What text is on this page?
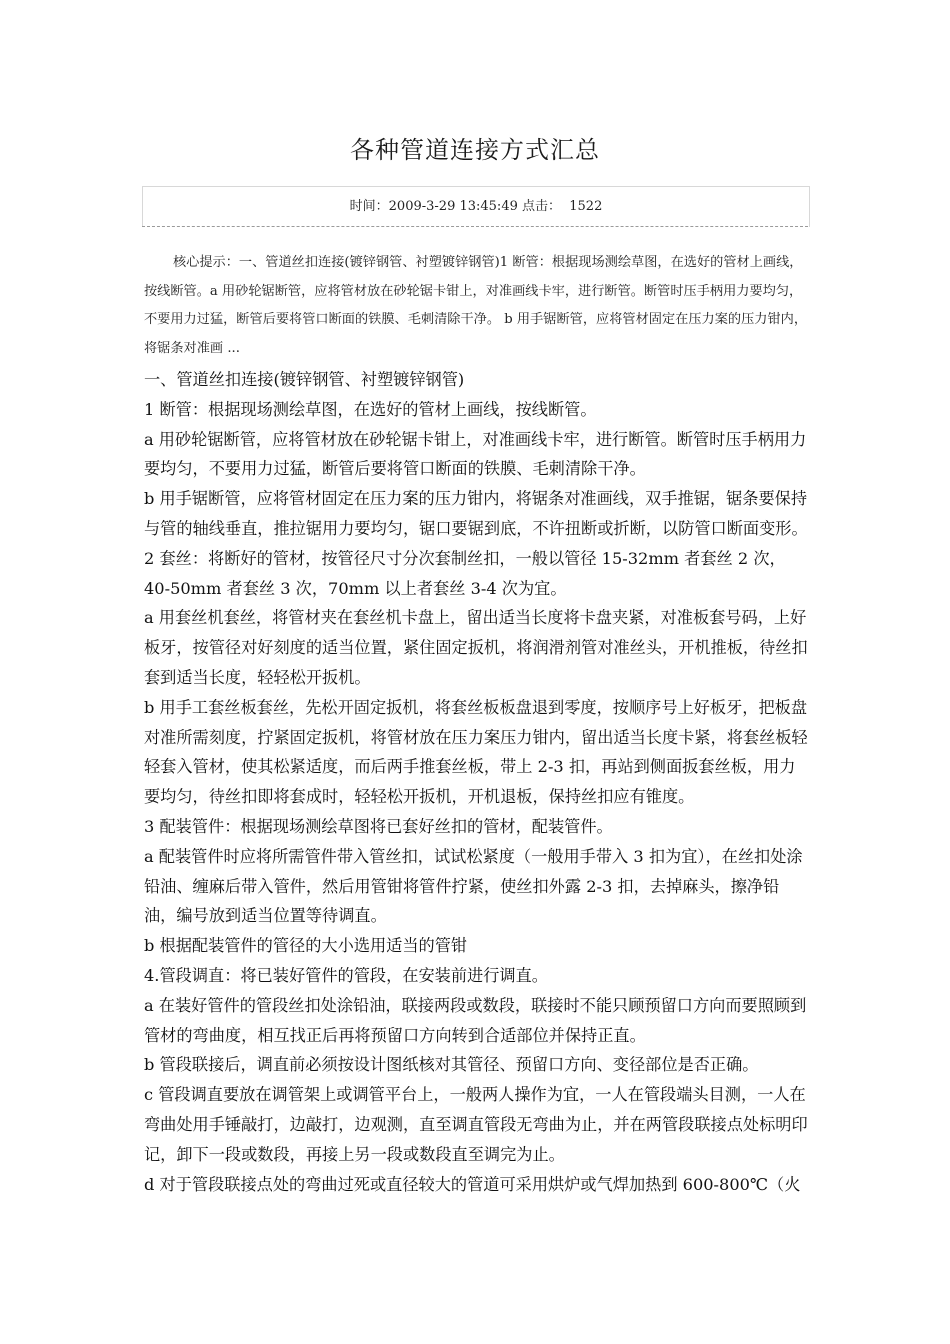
各种管道连接方式汇总
时间：2009-3-29 13:45:49 点击： 1522

核心提示：一、管道丝扣连接(镀锌钢管、衬塑镀锌钢管)1 断管：根据现场测绘草图，在选好的管材上画线，按线断管。a 用砂轮锯断管，应将管材放在砂轮锯卡钳上，对准画线卡牢，进行断管。断管时压手柄用力要均匀，不要用力过猛，断管后要将管口断面的铁膜、毛刺清除干净。 b 用手锯断管，应将管材固定在压力案的压力钳内，将锯条对准画 ...

一、管道丝扣连接(镀锌钢管、衬塑镀锌钢管)

1 断管：根据现场测绘草图，在选好的管材上画线，按线断管。

a 用砂轮锯断管，应将管材放在砂轮锯卡钳上，对准画线卡牢，进行断管。断管时压手柄用力要均匀，不要用力过猛，断管后要将管口断面的铁膜、毛刺清除干净。

b 用手锯断管，应将管材固定在压力案的压力钳内，将锯条对准画线，双手推锯，锯条要保持与管的轴线垂直，推拉锯用力要均匀，锯口要锯到底，不许扭断或折断，以防管口断面变形。

2 套丝：将断好的管材，按管径尺寸分次套制丝扣，一般以管径 15-32mm 者套丝 2 次，40-50mm 者套丝 3 次，70mm 以上者套丝 3-4 次为宜。

a 用套丝机套丝，将管材夹在套丝机卡盘上，留出适当长度将卡盘夹紧，对准板套号码，上好板牙，按管径对好刻度的适当位置，紧住固定扳机，将润滑剂管对准丝头，开机推板，待丝扣套到适当长度，轻轻松开扳机。

b 用手工套丝板套丝，先松开固定扳机，将套丝板板盘退到零度，按顺序号上好板牙，把板盘对准所需刻度，拧紧固定扳机，将管材放在压力案压力钳内，留出适当长度卡紧，将套丝板轻轻套入管材，使其松紧适度，而后两手推套丝板，带上 2-3 扣，再站到侧面扳套丝板，用力要均匀，待丝扣即将套成时，轻轻松开扳机，开机退板，保持丝扣应有锥度。

3 配装管件：根据现场测绘草图将已套好丝扣的管材，配装管件。

a 配装管件时应将所需管件带入管丝扣，试试松紧度（一般用手带入 3 扣为宜），在丝扣处涂铅油、缠麻后带入管件，然后用管钳将管件拧紧，使丝扣外露 2-3 扣，去掉麻头，擦净铅油，编号放到适当位置等待调直。

b 根据配装管件的管径的大小选用适当的管钳

4.管段调直：将已装好管件的管段，在安装前进行调直。

a 在装好管件的管段丝扣处涂铅油，联接两段或数段，联接时不能只顾预留口方向而要照顾到管材的弯曲度，相互找正后再将预留口方向转到合适部位并保持正直。

b 管段联接后，调直前必须按设计图纸核对其管径、预留口方向、变径部位是否正确。

c 管段调直要放在调管架上或调管平台上，一般两人操作为宜，一人在管段端头目测，一人在弯曲处用手锤敲打，边敲打，边观测，直至调直管段无弯曲为止，并在两管段联接点处标明印记，卸下一段或数段，再接上另一段或数段直至调完为止。

d 对于管段联接点处的弯曲过死或直径较大的管道可采用烘炉或气焊加热到 600-800℃（火
